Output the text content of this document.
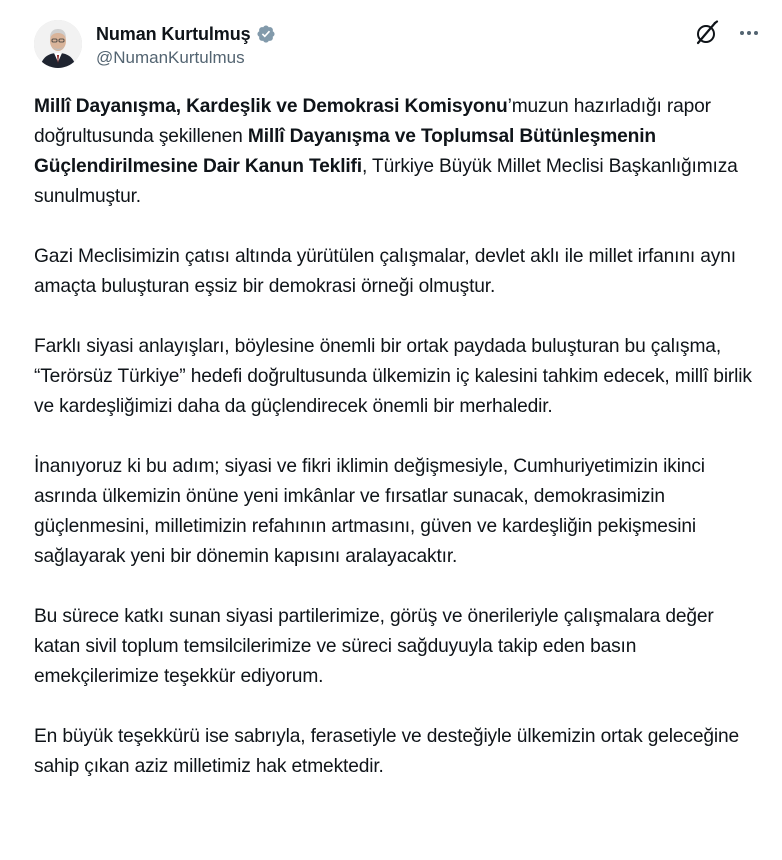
Numan Kurtulmuş
@NumanKurtulmus

Millî Dayanışma, Kardeşlik ve Demokrasi Komisyonu’muzun hazırladığı rapor doğrultusunda şekillenen Millî Dayanışma ve Toplumsal Bütünleşmenin Güçlendirilmesine Dair Kanun Teklifi, Türkiye Büyük Millet Meclisi Başkanlığımıza sunulmuştur.

Gazi Meclisimizin çatısı altında yürütülen çalışmalar, devlet aklı ile millet irfanını aynı amaçta buluşturan eşsiz bir demokrasi örneği olmuştur.

Farklı siyasi anlayışları, böylesine önemli bir ortak paydada buluşturan bu çalışma, “Terörsüz Türkiye” hedefi doğrultusunda ülkemizin iç kalesini tahkim edecek, millî birlik ve kardeşliğimizi daha da güçlendirecek önemli bir merhaledir.

İnanıyoruz ki bu adım; siyasi ve fikri iklimin değişmesiyle, Cumhuriyetimizin ikinci asrında ülkemizin önüne yeni imkânlar ve fırsatlar sunacak, demokrasimizin güçlenmesini, milletimizin refahının artmasını, güven ve kardeşliğin pekişmesini sağlayarak yeni bir dönemin kapısını aralayacaktır.

Bu sürece katkı sunan siyasi partilerimize, görüş ve önerileriyle çalışmalara değer katan sivil toplum temsilcilerimize ve süreci sağduyuyla takip eden basın emekçilerimize teşekkür ediyorum.

En büyük teşekkürü ise sabrıyla, ferasetiyle ve desteğiyle ülkemizin ortak geleceğine sahip çıkan aziz milletimiz hak etmektedir.
